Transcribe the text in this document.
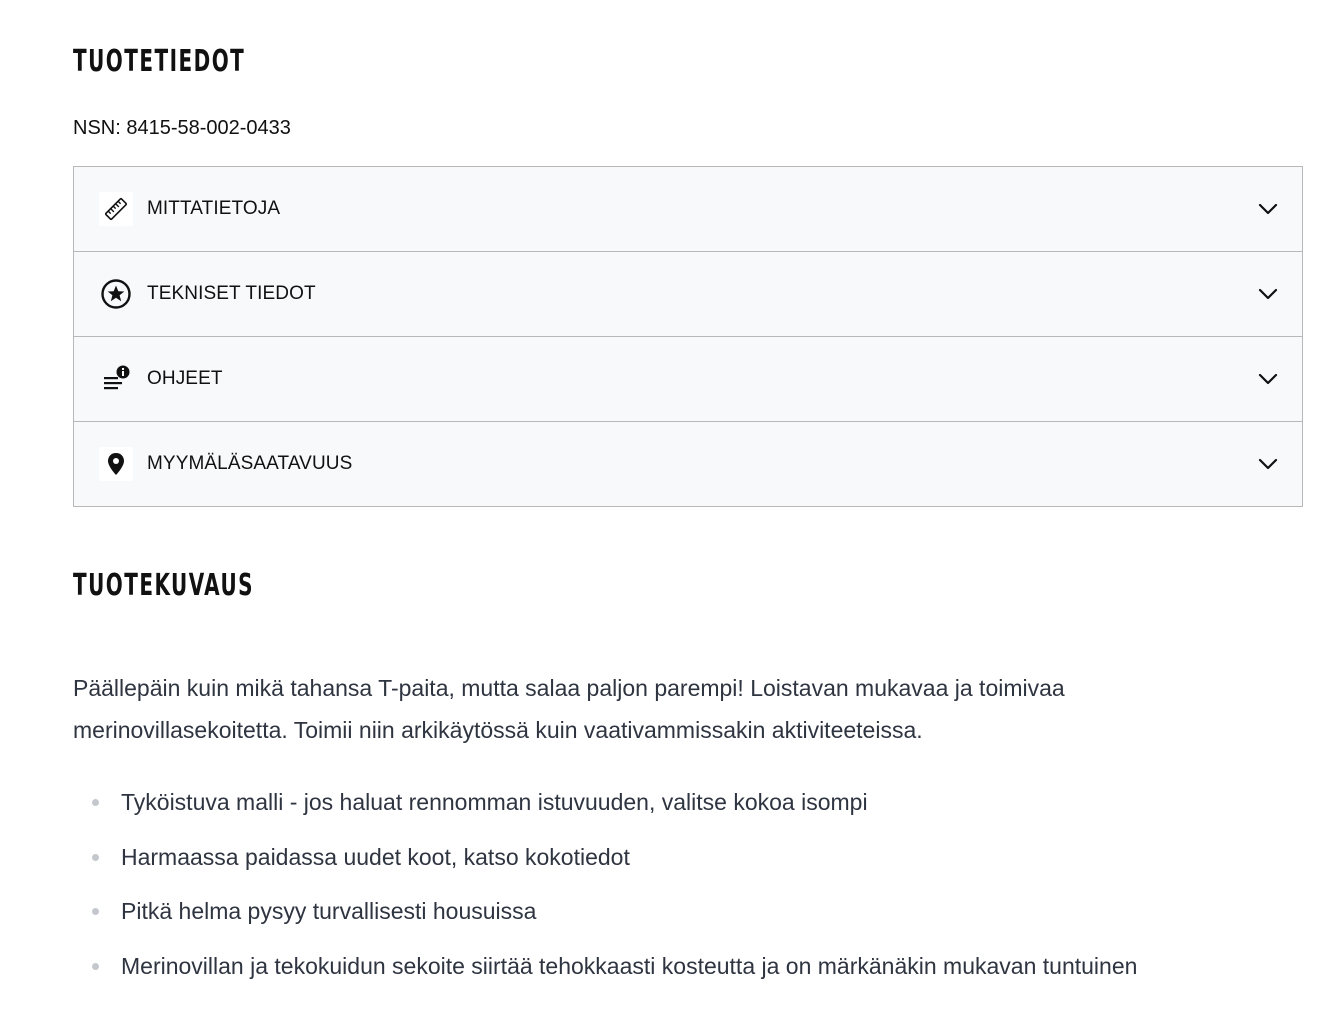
TUOTETIEDOT
NSN: 8415-58-002-0433
MITTATIETOJA
TEKNISET TIEDOT
OHJEET
MYYMÄLÄSAATAVUUS
TUOTEKUVAUS

Päällepäin kuin mikä tahansa T-paita, mutta salaa paljon parempi! Loistavan mukavaa ja toimivaa merinovillasekoitetta. Toimii niin arkikäytössä kuin vaativammissakin aktiviteeteissa.

Tyköistuva malli - jos haluat rennomman istuvuuden, valitse kokoa isompi
Harmaassa paidassa uudet koot, katso kokotiedot
Pitkä helma pysyy turvallisesti housuissa
Merinovillan ja tekokuidun sekoite siirtää tehokkaasti kosteutta ja on märkänäkin mukavan tuntuinen
